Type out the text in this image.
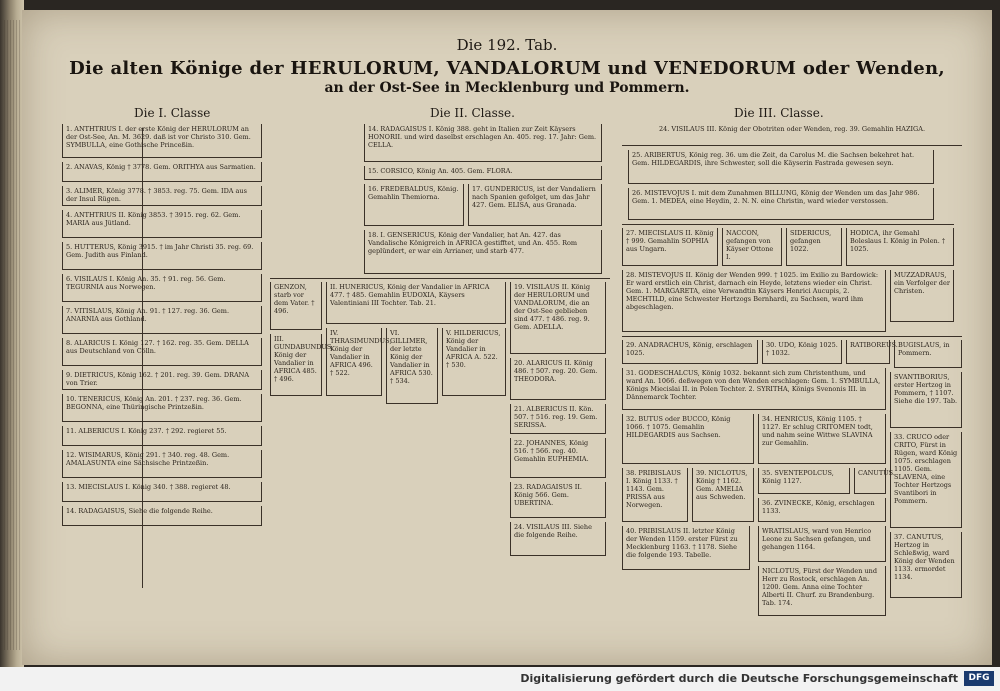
Die 192. Tab.
Die alten Könige der HERULORUM, VANDALORUM und VENEDORUM oder Wenden,
an der Ost-See in Mecklenburg und Pommern.
Die I. Classe	Die II. Classe.	Die III. Classe.
1. ANTHTRIUS I. der erste König der HERULORUM an der Ost-See, An. M. 3629. daß ist vor Christo 310. Gem. SYMBULLA, eine Gothische Princeßin.
2. ANAVAS, König † 3778. Gem. ORITHYA aus Sarmatien.
3. ALIMER, König 3778. † 3853. reg. 75. Gem. IDA aus der Insul Rügen.
4. ANTHTRIUS II. König 3853. † 3915. reg. 62. Gem. MARIA aus Jütland.
5. HUTTERUS, König 3915. † im Jahr Christi 35. reg. 69. Gem. Judith aus Finland.
6. VISILAUS I. König An. 35. † 91. reg. 56. Gem. TEGURNIA aus Norwegen.
7. VITISLAUS, König An. 91. † 127. reg. 36. Gem. ANARNIA aus Gothland.
8. ALARICUS I. König 127. † 162. reg. 35. Gem. DELLA aus Deutschland von Cölln.
9. DIETRICUS, König 162. † 201. reg. 39. Gem. DRANA von Trier.
10. TENERICUS, König An. 201. † 237. reg. 36. Gem. BEGONNA, eine Thüringische Printzeßin.
11. ALBERICUS I. König 237. † 292. regieret 55.
12. WISIMARUS, König 291. † 340. reg. 48. Gem. AMALASUNTA eine Sächsische Printzeßin.
13. MIECISLAUS I. König 340. † 388. regieret 48.
14. RADAGAISUS, Siehe die folgende Reihe.
14. RADAGAISUS I. König 388. geht in Italien zur Zeit Käysers HONORII. und wird daselbst erschlagen An. 405. reg. 17. Jahr: Gem. CELLA.
15. CORSICO, König An. 405. Gem. FLORA.
16. FREDEBALDUS, König. Gemahlin Themiorna.
17. GUNDERICUS, ist der Vandaliern nach Spanien gefolget, um das Jahr 427. Gem. ELISA, aus Granada.
18. I. GENSERICUS, König der Vandalier, hat An. 427. das Vandalische Königreich in AFRICA gestifftet, und An. 455. Rom geplündert, er war ein Arrianer, und starb 477.
GENZON, starb vor dem Vater. † 496.
II. HUNERICUS, König der Vandalier in AFRICA 477. † 485. Gemahlin EUDOXIA, Käysers Valentiniani III Tochter. Tab. 21.
III. GUNDABUNDUS, König der Vandalier in AFRICA 485. † 496.
IV. THRASIMUNDUS, König der Vandalier in AFRICA 496. † 522.
VI. GILLIMER, der letzte König der Vandalier in AFRICA 530. † 534.
V. HILDERICUS, König der Vandalier in AFRICA A. 522. † 530.
19. VISILAUS II. König der HERULORUM und VANDALORUM, die an der Ost-See geblieben sind 477. † 486. reg. 9. Gem. ADELLA.
20. ALARICUS II. König 486. † 507. reg. 20. Gem. THEODORA.
21. ALBERICUS II. Kön. 507. † 516. reg. 19. Gem. SERISSA.
22. JOHANNES, König 516. † 566. reg. 40. Gemahlin EUPHEMIA.
23. RADAGAISUS II. König 566. Gem. UBERTINA.
24. VISILAUS III. Siehe die folgende Reihe.
24. VISILAUS III. König der Obotriten oder Wenden, reg. 39. Gemahlin HAZIGA.
25. ARIBERTUS, König reg. 36. um die Zeit, da Carolus M. die Sachsen bekehret hat. Gem. HILDEGARDIS, ihre Schwester, soll die Käyserin Fastrada gewesen seyn.
26. MISTEVOJUS I. mit dem Zunahmen BILLUNG, König der Wenden um das Jahr 986. Gem. 1. MEDEA, eine Heydin, 2. N. N. eine Christin, ward wieder verstossen.
27. MIECISLAUS II. König † 999. Gemahlin SOPHIA aus Ungarn.
NACCON, gefangen von Käyser Ottone I.
SIDERICUS, gefangen 1022.
HODICA, ihr Gemahl Boleslaus I. König in Polen. † 1025.
28. MISTEVOJUS II. König der Wenden 999. † 1025. im Exilio zu Bardowick: Er ward erstlich ein Christ, darnach ein Heyde, letztens wieder ein Christ. Gem. 1. MARGARETA, eine Verwandtin Käysers Henrici Aucupis, 2. MECHTILD, eine Schwester Hertzogs Bernhardi, zu Sachsen, ward ihm abgeschlagen.
MUZZADRAUS, ein Verfolger der Christen.
29. ANADRACHUS, König, erschlagen 1025.
30. UDO, König 1025. † 1032.
RATIBOREUS. BUGISLAUS, in Pommern.
31. GODESCHALCUS, König 1032. bekannt sich zum Christenthum, und ward An. 1066. deßwegen von den Wenden erschlagen: Gem. 1. SYMBULLA, Königs Miecislai II. in Polen Tochter. 2. SYRITHA, Königs Svenonis III. in Dännemarck Tochter.
SVANTIBORIUS, erster Hertzog in Pommern, † 1107. Siehe die 197. Tab.
32. BUTUS oder BUCCO, König 1066. † 1075. Gemahlin HILDEGARDIS aus Sachsen.
34. HENRICUS, König 1105. † 1127. Er schlug CRITOMEN todt, und nahm seine Wittwe SLAVINA zur Gemahlin.
33. CRUCO oder CRITO, Fürst in Rügen, ward König 1075. erschlagen 1105. Gem. SLAVENA, eine Tochter Hertzogs Svantibori in Pommern.
38. PRIBISLAUS I. König 1133. † 1143. Gem. PRISSA aus Norwegen.
39. NICLOTUS, König † 1162. Gem. AMELIA aus Schweden.
35. SVENTEPOLCUS, König 1127.
CANUTUS.
36. ZVINECKE, König, erschlagen 1133.
40. PRIBISLAUS II. letzter König der Wenden 1159. erster Fürst zu Mecklenburg 1163. † 1178. Siehe die folgende 193. Tabelle.
WRATISLAUS, ward von Henrico Leone zu Sachsen gefangen, und gehangen 1164.
NICLOTUS, Fürst der Wenden und Herr zu Rostock, erschlagen An. 1200. Gem. Anna eine Tochter Alberti II. Churf. zu Brandenburg. Tab. 174.
37. CANUTUS, Hertzog in Schleßwig, ward König der Wenden 1133. ermordet 1134.
Digitalisierung gefördert durch die Deutsche Forschungsgemeinschaft	DFG
